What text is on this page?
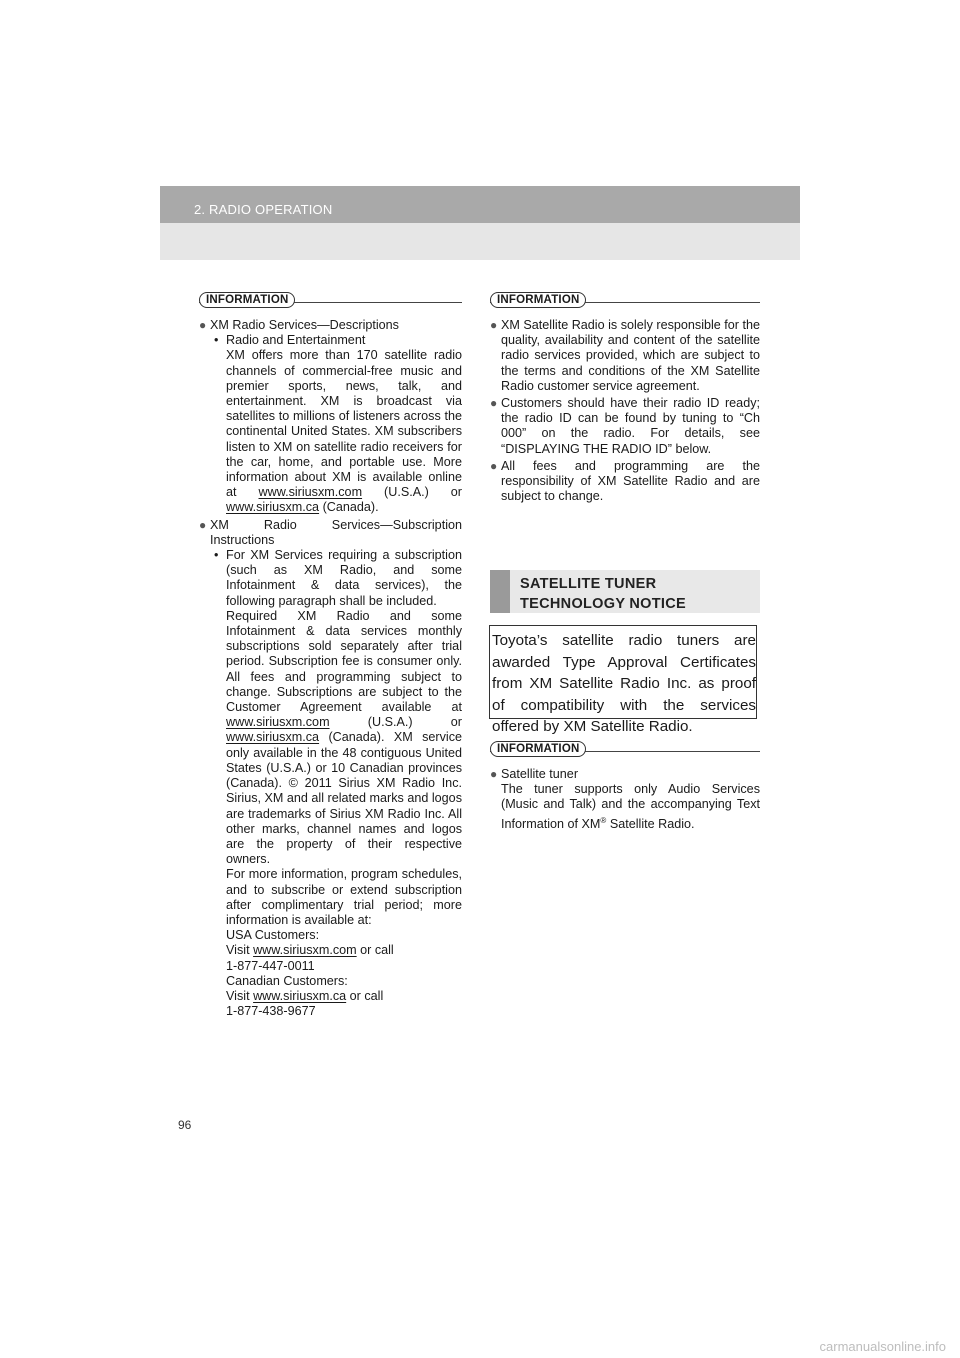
2. RADIO OPERATION
INFORMATION
● XM Radio Services—Descriptions

• Radio and Entertainment

XM offers more than 170 satellite radio channels of commercial-free music and premier sports, news, talk, and entertainment. XM is broadcast via satellites to millions of listeners across the continental United States. XM subscribers listen to XM on satellite radio receivers for the car, home, and portable use. More information about XM is available online at www.siriusxm.com (U.S.A.) or www.siriusxm.ca (Canada).

● XM Radio Services—Subscription Instructions

• For XM Services requiring a subscription (such as XM Radio, and some Infotainment & data services), the following paragraph shall be included.

Required XM Radio and some Infotainment & data services monthly subscriptions sold separately after trial period. Subscription fee is consumer only. All fees and programming subject to change. Subscriptions are subject to the Customer Agreement available at www.siriusxm.com	(U.S.A.) or www.siriusxm.ca (Canada). XM service only available in the 48 contiguous United States (U.S.A.) or 10 Canadian provinces (Canada). © 2011 Sirius XM Radio Inc. Sirius, XM and all related marks and logos are trademarks of Sirius XM Radio Inc. All other marks, channel names and logos are the property of their respective owners.

For more information, program schedules, and to subscribe or extend subscription after complimentary trial period; more information is available at:

USA Customers:

Visit www.siriusxm.com or call

1-877-447-0011

Canadian Customers:

Visit www.siriusxm.ca or call

1-877-438-9677

INFORMATION
● XM Satellite Radio is solely responsible for the quality, availability and content of the satellite radio services provided, which are subject to the terms and conditions of the XM Satellite Radio customer service agreement.

● Customers should have their radio ID ready; the radio ID can be found by tuning to “Ch 000” on the radio. For details, see “DISPLAYING THE RADIO ID” below.

● All fees and programming are the responsibility of XM Satellite Radio and are subject to change.

SATELLITE TUNER TECHNOLOGY NOTICE

Toyota’s satellite radio tuners are awarded Type Approval Certificates from XM Satellite Radio Inc. as proof of compatibility with the services offered by XM Satellite Radio.

INFORMATION
● Satellite tuner

The tuner supports only Audio Services (Music and Talk) and the accompanying Text Information of XM® Satellite Radio.

96
carmanualsonline.info
